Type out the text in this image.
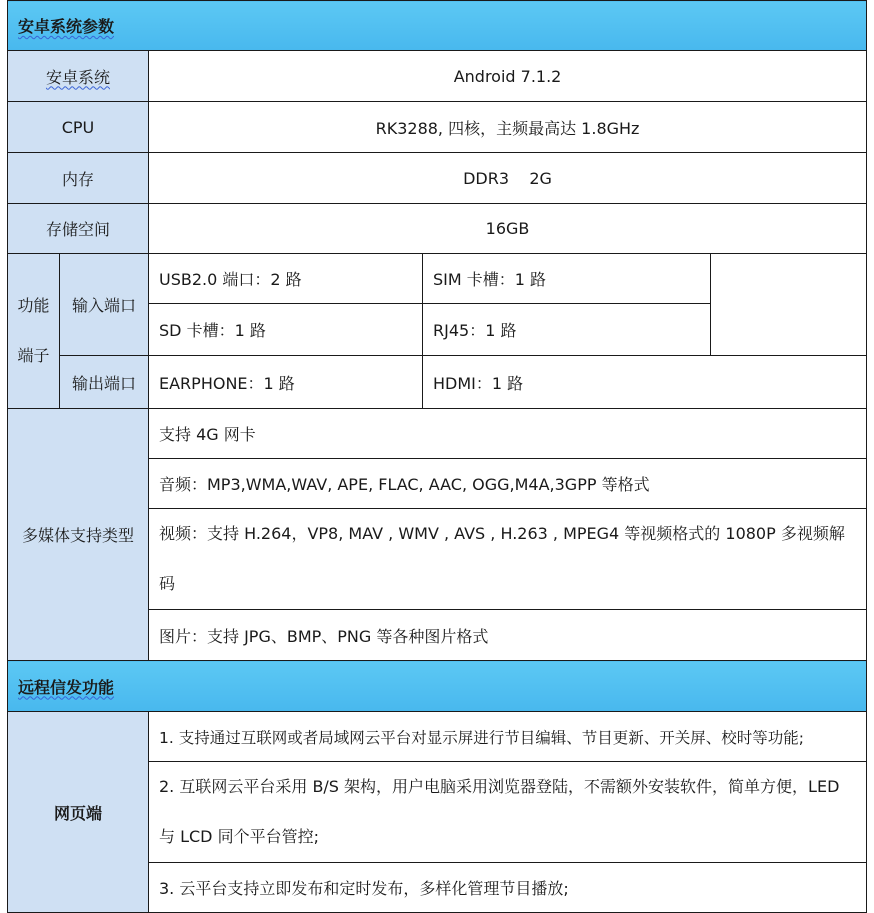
安卓系统参数				
安卓系统		Android 7.1.2		
CPU		RK3288, 四核，主频最高达 1.8GHz		
内存		DDR3    2G		
存储空间		16GB		

功能
端子	输入端口	USB2.0 端口：2 路	SIM 卡槽：1 路	
		SD 卡槽：1 路	RJ45：1 路	
	输出端口	EARPHONE：1 路	HDMI：1 路	
多媒体支持类型		支持 4G 网卡		
		音频：MP3,WMA,WAV, APE, FLAC, AAC, OGG,M4A,3GPP 等格式		
		视频：支持 H.264，VP8, MAV , WMV , AVS , H.263 , MPEG4 等视频格式的 1080P 多视频解码		
		图片：支持 JPG、BMP、PNG 等各种图片格式		
远程信发功能				
网页端		1. 支持通过互联网或者局域网云平台对显示屏进行节目编辑、节目更新、开关屏、校时等功能;		
		2. 互联网云平台采用 B/S 架构，用户电脑采用浏览器登陆，不需额外安装软件，简单方便，LED 与 LCD 同个平台管控;		
		3. 云平台支持立即发布和定时发布，多样化管理节目播放;		
